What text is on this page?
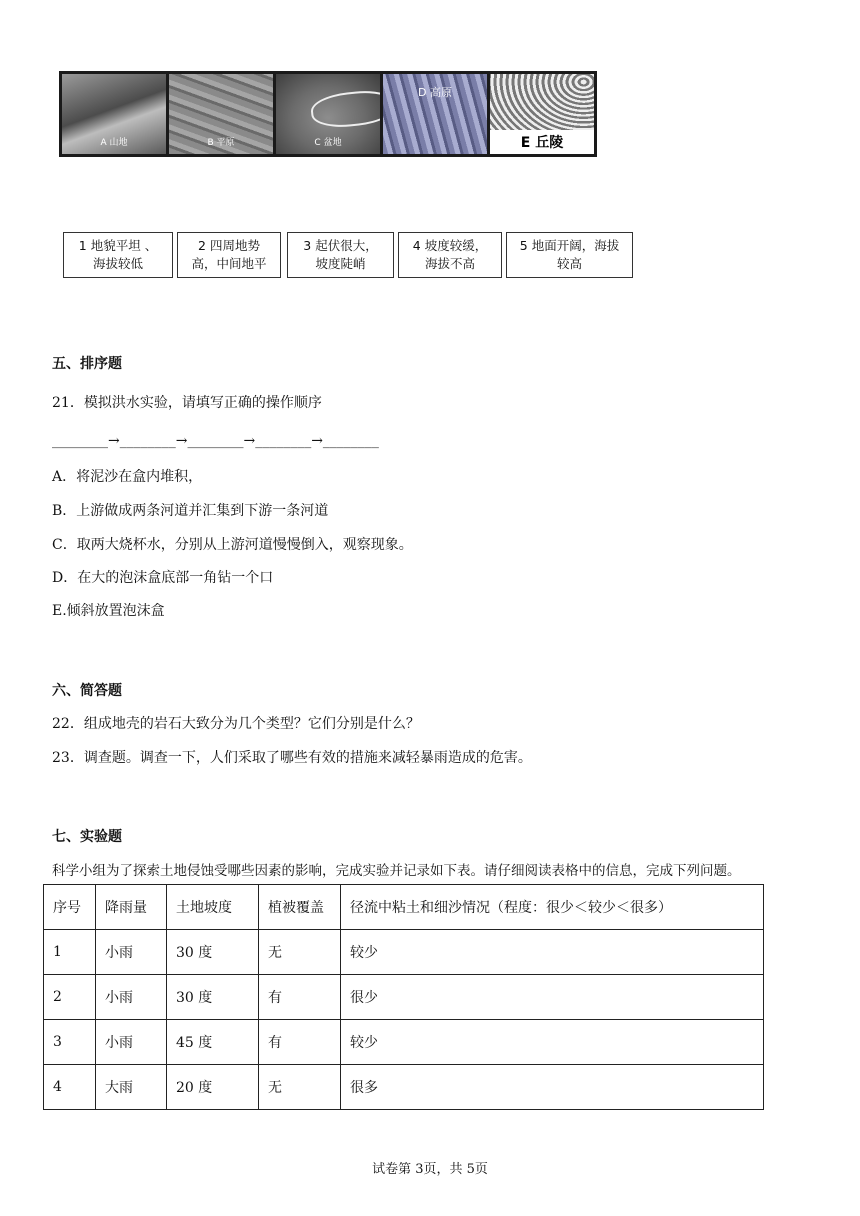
A 山地	B 平原	C 盆地
D 高原
E 丘陵
1 地貌平坦 、
海拔较低
2 四周地势
高，中间地平
3 起伏很大，
坡度陡峭
4 坡度较缓，
海拔不高
5 地面开阔，海拔
较高
五、排序题
21．模拟洪水实验，请填写正确的操作顺序
________→________→________→________→________
A．将泥沙在盒内堆积，
B．上游做成两条河道并汇集到下游一条河道
C．取两大烧杯水，分别从上游河道慢慢倒入，观察现象。
D．在大的泡沫盒底部一角钻一个口
E.倾斜放置泡沫盒
六、简答题
22．组成地壳的岩石大致分为几个类型？它们分别是什么？
23．调查题。调查一下，人们采取了哪些有效的措施来减轻暴雨造成的危害。
七、实验题
科学小组为了探索土地侵蚀受哪些因素的影响，完成实验并记录如下表。请仔细阅读表格中的信息，完成下列问题。
序号	降雨量	土地坡度	植被覆盖	径流中粘土和细沙情况（程度：很少＜较少＜很多）
1	小雨	30 度	无	较少
2	小雨	30 度	有	很少
3	小雨	45 度	有	较少
4	大雨	20 度	无	很多
试卷第 3页，共 5页
